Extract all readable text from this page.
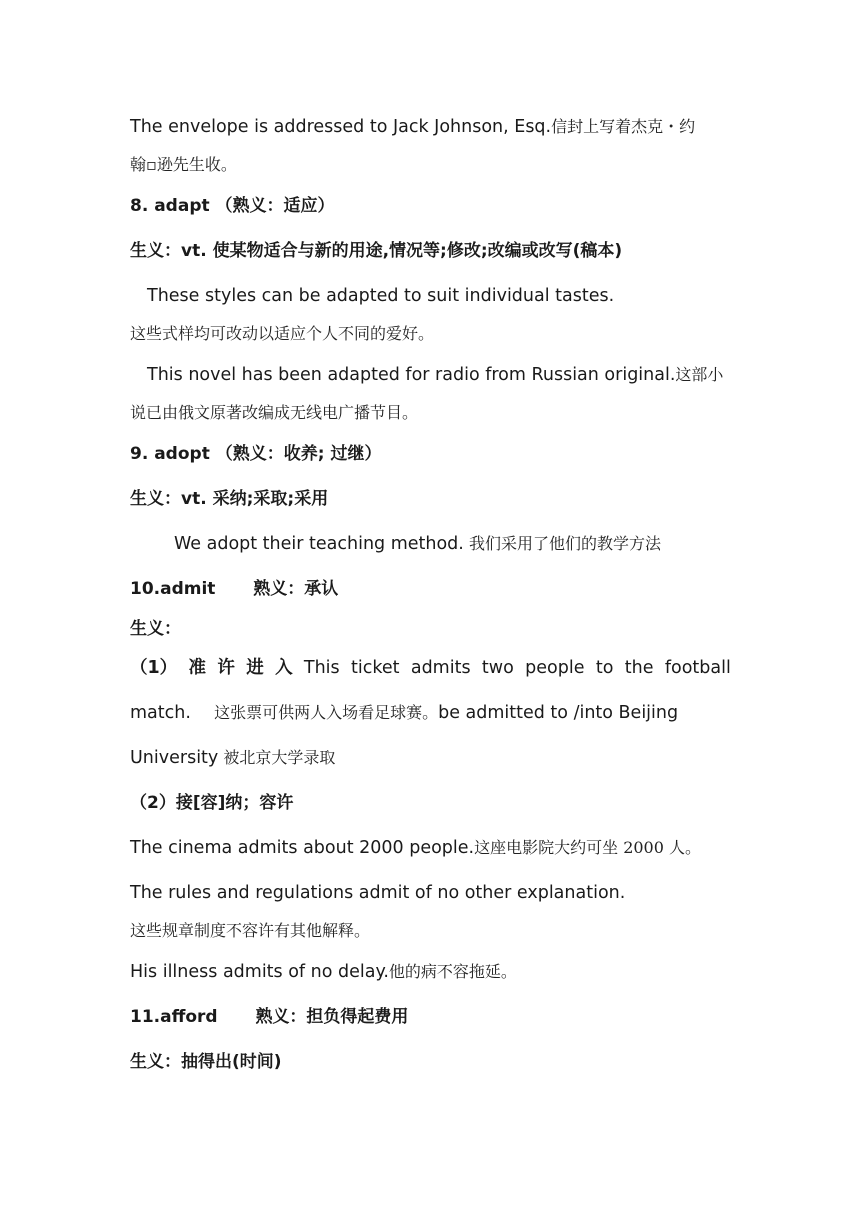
The envelope is addressed to Jack Johnson, Esq.信封上写着杰克・约
翰▫逊先生收。
8. adapt （熟义：适应）
生义：vt. 使某物适合与新的用途,情况等;修改;改编或改写(稿本)
These styles can be adapted to suit individual tastes.
这些式样均可改动以适应个人不同的爱好。
This novel has been adapted for radio from Russian original.这部小
说已由俄文原著改编成无线电广播节目。
9. adopt （熟义：收养; 过继）
生义：vt. 采纳;采取;采用
We adopt their teaching method. 我们采用了他们的教学方法
10.admit 熟义：承认
生义：
（1） 准 许 进 入 This ticket admits two people to the football
match. 这张票可供两人入场看足球赛。be admitted to /into Beijing
University 被北京大学录取
（2）接[容]纳；容许
The cinema admits about 2000 people.这座电影院大约可坐 2000 人。
The rules and regulations admit of no other explanation.
这些规章制度不容许有其他解释。
His illness admits of no delay.他的病不容拖延。
11.afford 熟义：担负得起费用
生义：抽得出(时间)
